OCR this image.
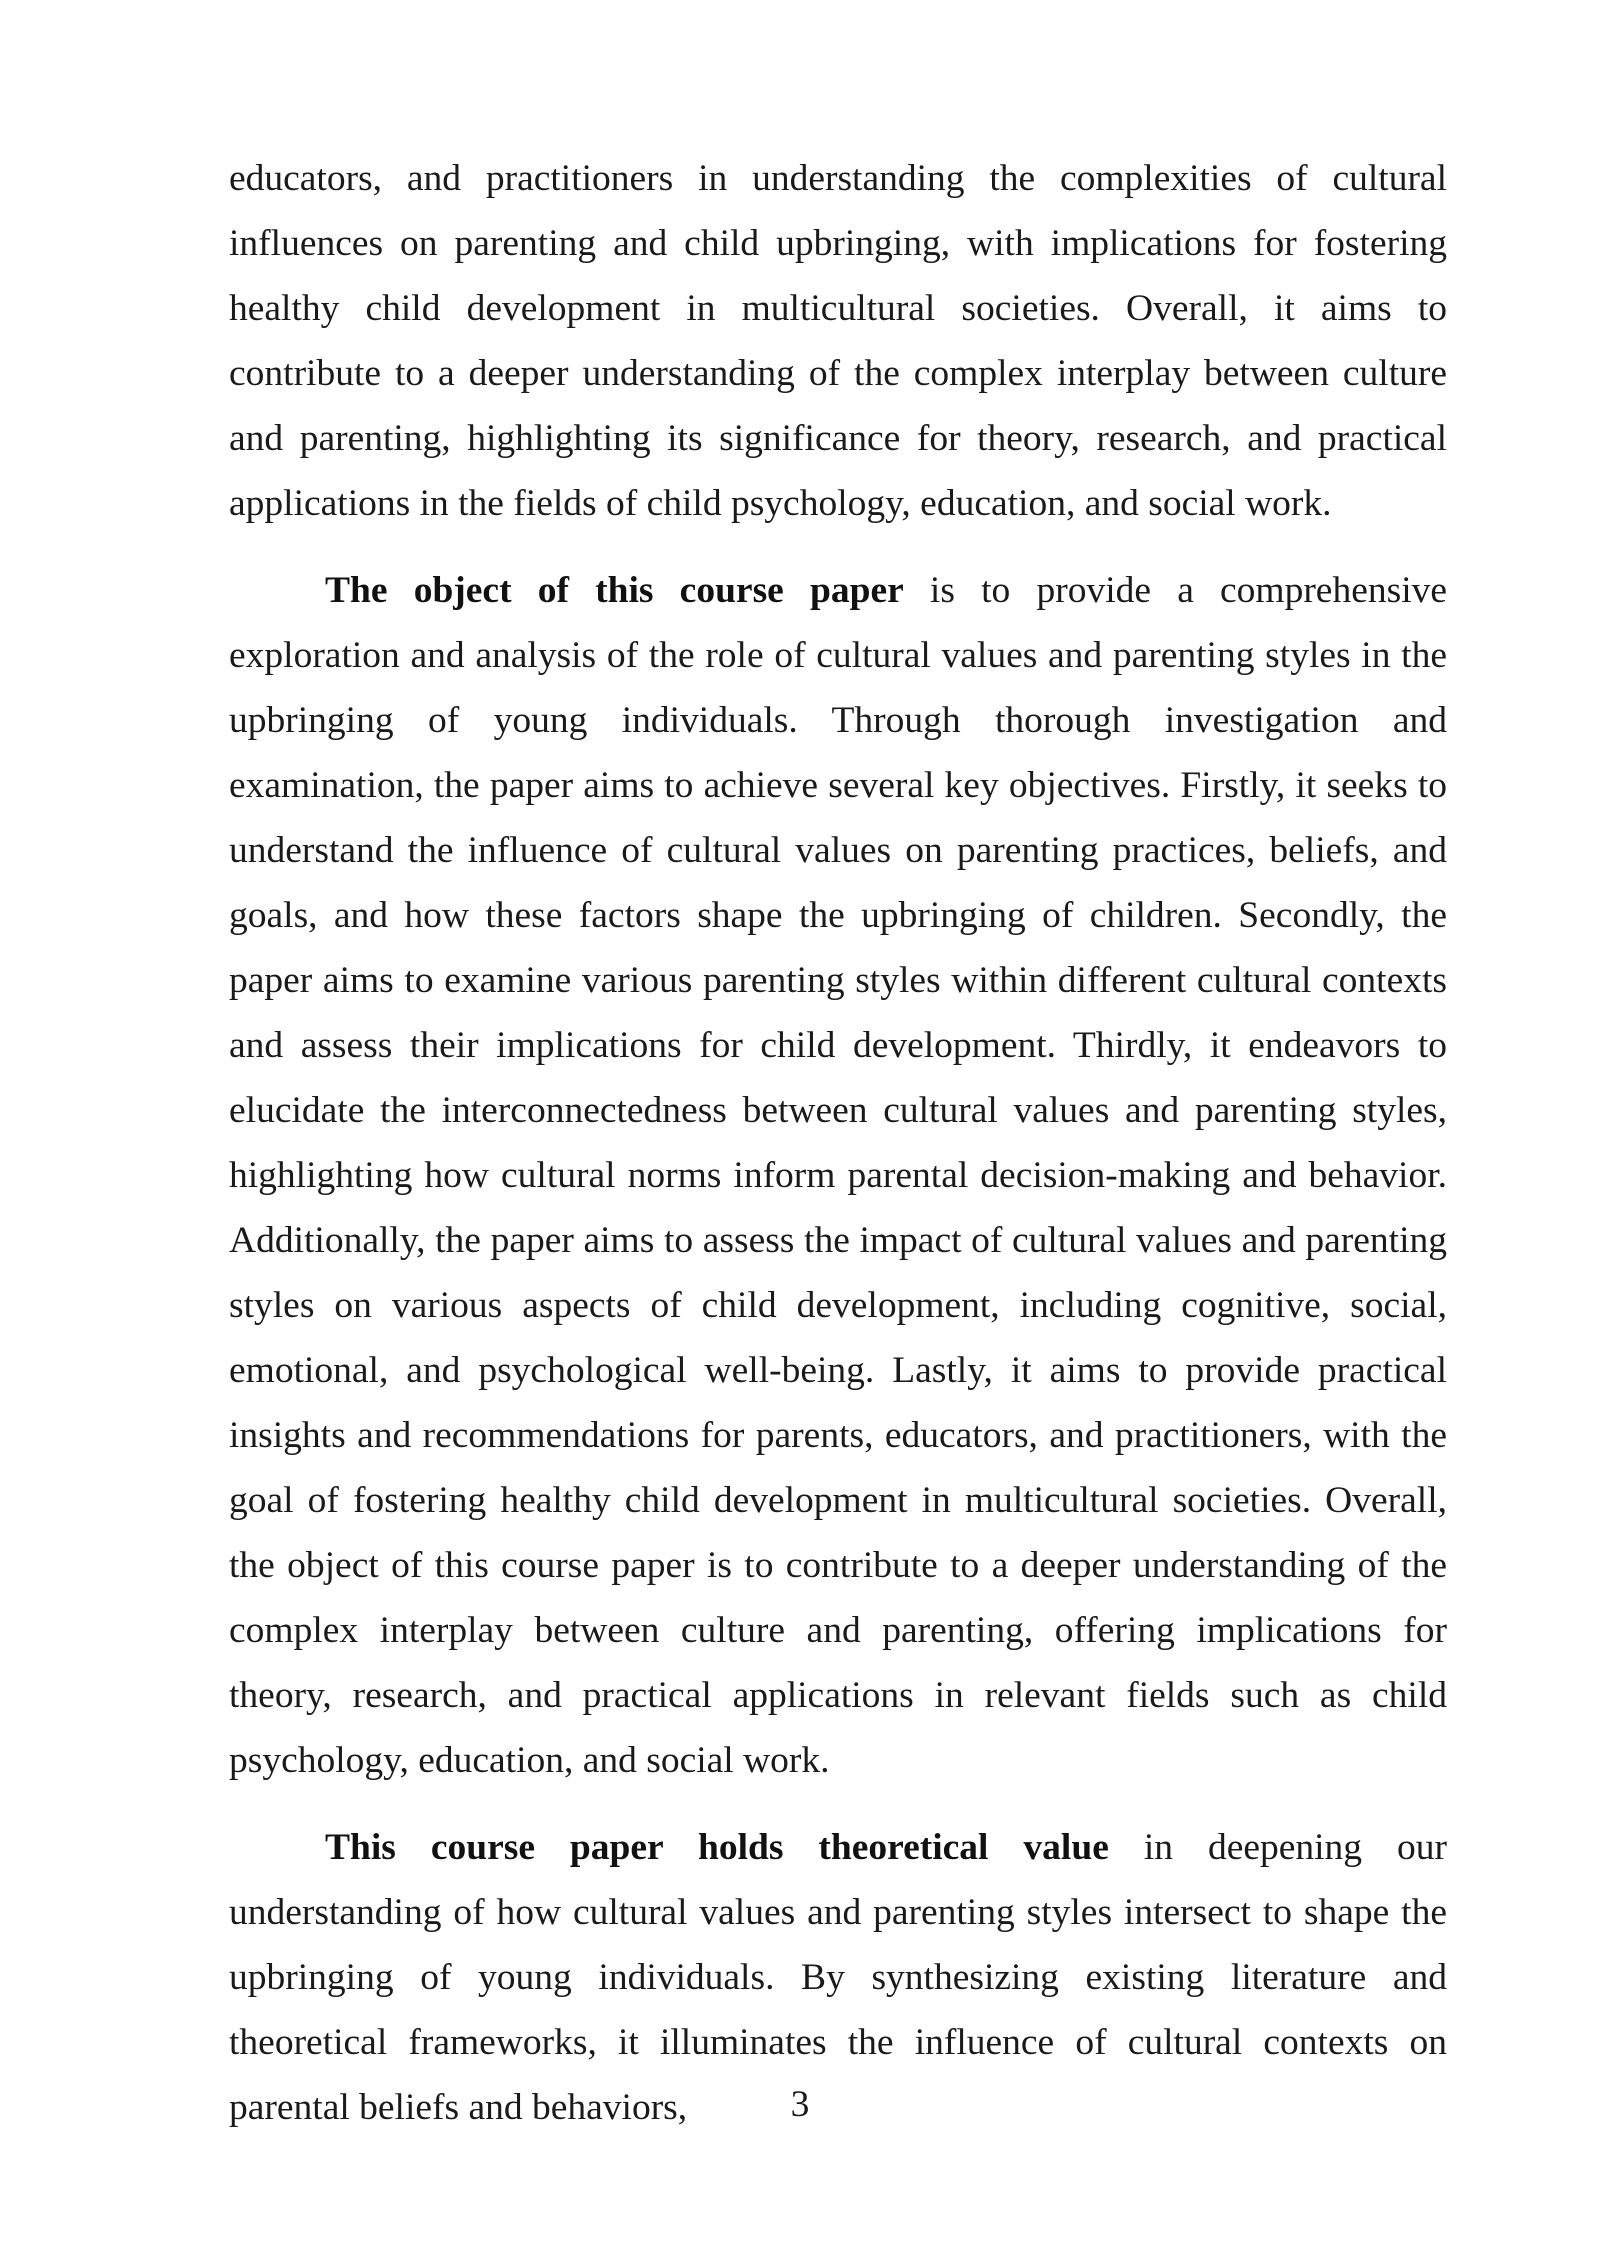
educators, and practitioners in understanding the complexities of cultural influences on parenting and child upbringing, with implications for fostering healthy child development in multicultural societies. Overall, it aims to contribute to a deeper understanding of the complex interplay between culture and parenting, highlighting its significance for theory, research, and practical applications in the fields of child psychology, education, and social work.

The object of this course paper is to provide a comprehensive exploration and analysis of the role of cultural values and parenting styles in the upbringing of young individuals. Through thorough investigation and examination, the paper aims to achieve several key objectives. Firstly, it seeks to understand the influence of cultural values on parenting practices, beliefs, and goals, and how these factors shape the upbringing of children. Secondly, the paper aims to examine various parenting styles within different cultural contexts and assess their implications for child development. Thirdly, it endeavors to elucidate the interconnectedness between cultural values and parenting styles, highlighting how cultural norms inform parental decision-making and behavior. Additionally, the paper aims to assess the impact of cultural values and parenting styles on various aspects of child development, including cognitive, social, emotional, and psychological well-being. Lastly, it aims to provide practical insights and recommendations for parents, educators, and practitioners, with the goal of fostering healthy child development in multicultural societies. Overall, the object of this course paper is to contribute to a deeper understanding of the complex interplay between culture and parenting, offering implications for theory, research, and practical applications in relevant fields such as child psychology, education, and social work.

This course paper holds theoretical value in deepening our understanding of how cultural values and parenting styles intersect to shape the upbringing of young individuals. By synthesizing existing literature and theoretical frameworks, it illuminates the influence of cultural contexts on parental beliefs and behaviors,	3
